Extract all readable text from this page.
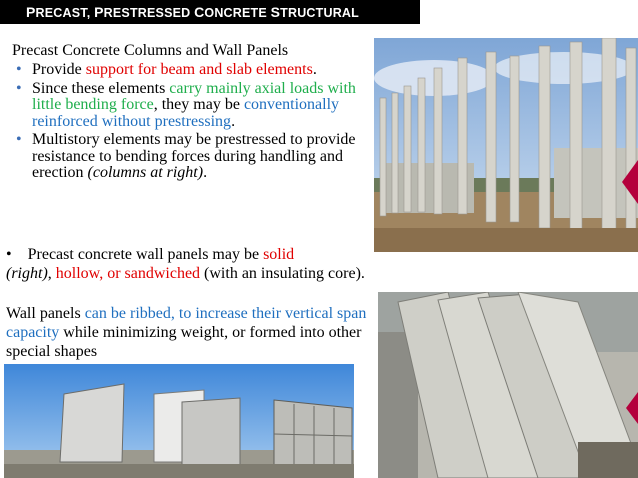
PRECAST, PRESTRESSED CONCRETE STRUCTURAL ELEMENTS
Precast Concrete Columns and Wall Panels
• Provide support for beam and slab elements.
• Since these elements carry mainly axial loads with little bending force, they may be conventionally reinforced without prestressing.
• Multistory elements may be prestressed to provide resistance to bending forces during handling and erection (columns at right).
• Precast concrete wall panels may be solid
(right), hollow, or sandwiched (with an insulating core).
Wall panels can be ribbed, to increase their vertical span capacity while minimizing weight, or formed into other special shapes
